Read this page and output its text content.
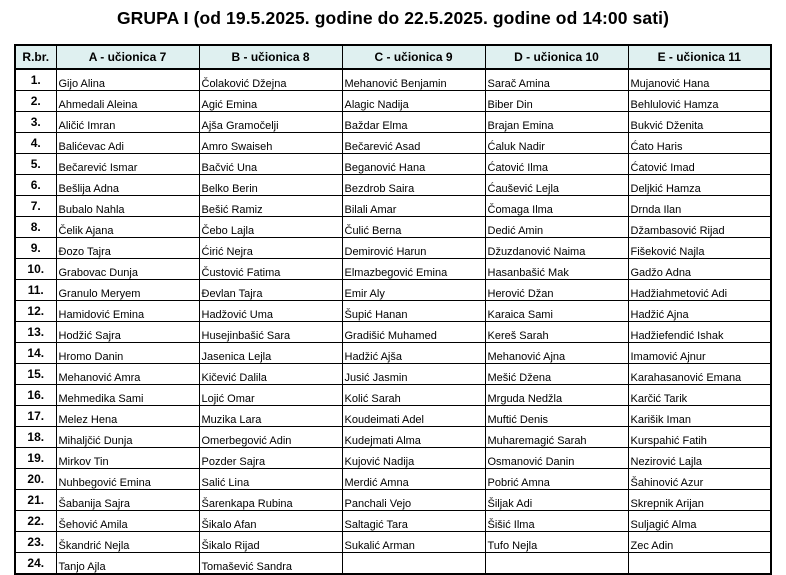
GRUPA I (od 19.5.2025. godine do 22.5.2025. godine od 14:00 sati)
R.br.	A - učionica 7	B - učionica 8	C - učionica 9	D - učionica 10	E - učionica 11
1.	Gijo Alina	Čolaković Džejna	Mehanović Benjamin	Sarač Amina	Mujanović Hana
2.	Ahmedali Aleina	Agić Emina	Alagic Nadija	Biber Din	Behlulović Hamza
3.	Aličić Imran	Ajša Gramočelji	Baždar Elma	Brajan Emina	Bukvić Dženita
4.	Balićevac Adi	Amro Swaiseh	Bečarević Asad	Ćaluk Nadir	Ćato Haris
5.	Bečarević Ismar	Bačvić Una	Beganović Hana	Ćatović Ilma	Ćatović Imad
6.	Bešlija Adna	Belko Berin	Bezdrob Saira	Ćaušević Lejla	Deljkić Hamza
7.	Bubalo Nahla	Bešić Ramiz	Bilali Amar	Čomaga Ilma	Drnda Ilan
8.	Čelik Ajana	Čebo Lajla	Čulić Berna	Dedić Amin	Džambasović Rijad
9.	Đozo Tajra	Ćirić Nejra	Demirović Harun	Džuzdanović Naima	Fišeković Najla
10.	Grabovac Dunja	Čustović Fatima	Elmazbegović Emina	Hasanbašić Mak	Gadžo Adna
11.	Granulo Meryem	Đevlan Tajra	Emir Aly	Herović Džan	Hadžiahmetović Adi
12.	Hamidović Emina	Hadžović Uma	Šupić Hanan	Karaica Sami	Hadžić Ajna
13.	Hodžić Sajra	Husejinbašić Sara	Gradišić Muhamed	Kereš Sarah	Hadžiefendić Ishak
14.	Hromo Danin	Jasenica Lejla	Hadžić Ajša	Mehanović Ajna	Imamović Ajnur
15.	Mehanović Amra	Kičević Dalila	Jusić Jasmin	Mešić Džena	Karahasanović Emana
16.	Mehmedika Sami	Lojić Omar	Kolić Sarah	Mrguda Nedžla	Karčić Tarik
17.	Melez Hena	Muzika Lara	Koudeimati Adel	Muftić Denis	Karišik Iman
18.	Mihaljčić Dunja	Omerbegović Adin	Kudejmati Alma	Muharemagić Sarah	Kurspahić Fatih
19.	Mirkov Tin	Pozder Sajra	Kujović Nadija	Osmanović Danin	Nezirović Lajla
20.	Nuhbegović Emina	Salić Lina	Merdić Amna	Pobrić Amna	Šahinović Azur
21.	Šabanija Sajra	Šarenkapa Rubina	Panchali Vejo	Šiljak Adi	Skrepnik Arijan
22.	Šehović Amila	Šikalo Afan	Saltagić Tara	Šišić Ilma	Suljagić Alma
23.	Škandrić Nejla	Šikalo Rijad	Sukalić Arman	Tufo Nejla	Zec Adin
24.	Tanjo Ajla	Tomašević Sandra			
